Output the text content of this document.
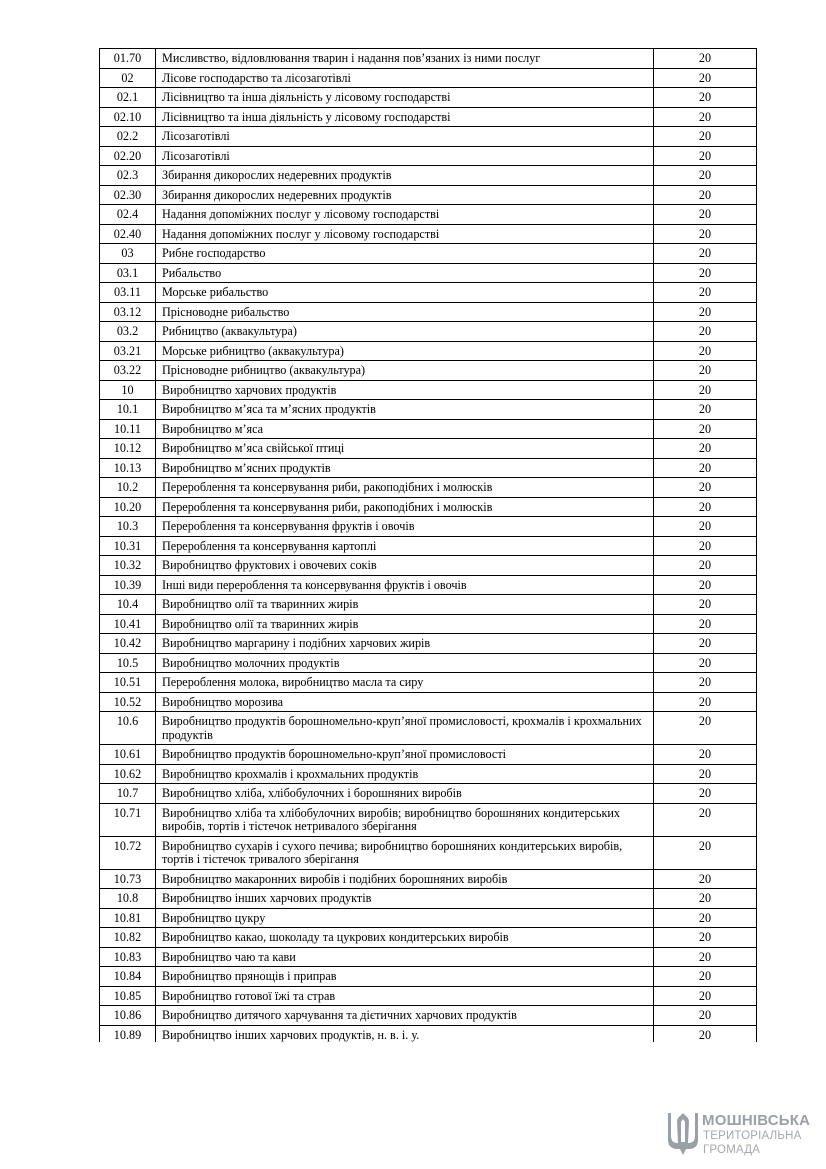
01.70	Мисливство, відловлювання тварин і надання пов’язаних із ними послуг	20
02	Лісове господарство та лісозаготівлі	20
02.1	Лісівництво та інша діяльність у лісовому господарстві	20
02.10	Лісівництво та інша діяльність у лісовому господарстві	20
02.2	Лісозаготівлі	20
02.20	Лісозаготівлі	20
02.3	Збирання дикорослих недеревних продуктів	20
02.30	Збирання дикорослих недеревних продуктів	20
02.4	Надання допоміжних послуг у лісовому господарстві	20
02.40	Надання допоміжних послуг у лісовому господарстві	20
03	Рибне господарство	20
03.1	Рибальство	20
03.11	Морське рибальство	20
03.12	Прісноводне рибальство	20
03.2	Рибництво (аквакультура)	20
03.21	Морське рибництво (аквакультура)	20
03.22	Прісноводне рибництво (аквакультура)	20
10	Виробництво харчових продуктів	20
10.1	Виробництво м’яса та м’ясних продуктів	20
10.11	Виробництво м’яса	20
10.12	Виробництво м’яса свійської птиці	20
10.13	Виробництво м’ясних продуктів	20
10.2	Перероблення та консервування риби, ракоподібних і молюсків	20
10.20	Перероблення та консервування риби, ракоподібних і молюсків	20
10.3	Перероблення та консервування фруктів і овочів	20
10.31	Перероблення та консервування картоплі	20
10.32	Виробництво фруктових і овочевих соків	20
10.39	Інші види перероблення та консервування фруктів і овочів	20
10.4	Виробництво олії та тваринних жирів	20
10.41	Виробництво олії та тваринних жирів	20
10.42	Виробництво маргарину і подібних харчових жирів	20
10.5	Виробництво молочних продуктів	20
10.51	Перероблення молока, виробництво масла та сиру	20
10.52	Виробництво морозива	20
10.6	Виробництво продуктів борошномельно-круп’яної промисловості, крохмалів і крохмальних продуктів	20
10.61	Виробництво продуктів борошномельно-круп’яної промисловості	20
10.62	Виробництво крохмалів і крохмальних продуктів	20
10.7	Виробництво хліба, хлібобулочних і борошняних виробів	20
10.71	Виробництво хліба та хлібобулочних виробів; виробництво борошняних кондитерських виробів, тортів і тістечок нетривалого зберігання	20
10.72	Виробництво сухарів і сухого печива; виробництво борошняних кондитерських виробів, тортів і тістечок тривалого зберігання	20
10.73	Виробництво макаронних виробів і подібних борошняних виробів	20
10.8	Виробництво інших харчових продуктів	20
10.81	Виробництво цукру	20
10.82	Виробництво какао, шоколаду та цукрових кондитерських виробів	20
10.83	Виробництво чаю та кави	20
10.84	Виробництво прянощів і приправ	20
10.85	Виробництво готової їжі та страв	20
10.86	Виробництво дитячого харчування та дієтичних харчових продуктів	20
10.89	Виробництво інших харчових продуктів, н. в. і. у.	20
МОШНІВСЬКА
ТЕРИТОРІАЛЬНА
ГРОМАДА
